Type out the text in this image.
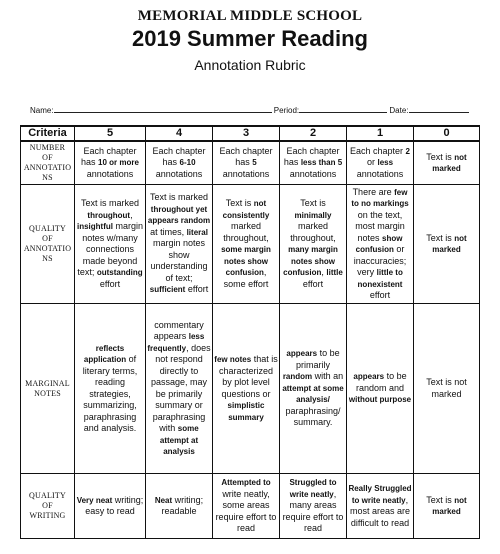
MEMORIAL MIDDLE SCHOOL
2019 Summer Reading
Annotation Rubric
Name:	Period:	Date:
Criteria	5	4	3	2	1	0
NUMBER
OF
ANNOTATIONS	Each chapter has 10 or more annotations	Each chapter has 6-10 annotations	Each chapter has 5 annotations	Each chapter has less than 5 annotations	Each chapter 2 or less annotations	Text is not marked
QUALITY
OF
ANNOTATIONS	Text is marked throughout, insightful margin notes w/many connections made beyond text; outstanding effort	Text is marked throughout yet appears random at times, literal margin notes show understanding of text; sufficient effort	Text is not consistently marked throughout, some margin notes show confusion, some effort	Text is minimally marked throughout, many margin notes show confusion, little effort	There are few to no markings on the text, most margin notes show confusion or inaccuracies; very little to nonexistent effort	Text is not marked
MARGINAL
NOTES	reflects application of literary terms, reading strategies, summarizing, paraphrasing and analysis.	commentary appears less frequently, does not respond directly to passage, may be primarily summary or paraphrasing with some attempt at analysis	few notes that is characterized by plot level questions or simplistic summary	appears to be primarily random with an attempt at some analysis/ paraphrasing/ summary.	appears to be random and without purpose	Text is not marked
QUALITY
OF
WRITING	Very neat writing; easy to read	Neat writing; readable	Attempted to write neatly, some areas require effort to read	Struggled to write neatly, many areas require effort to read	Really Struggled to write neatly, most areas are difficult to read	Text is not marked
